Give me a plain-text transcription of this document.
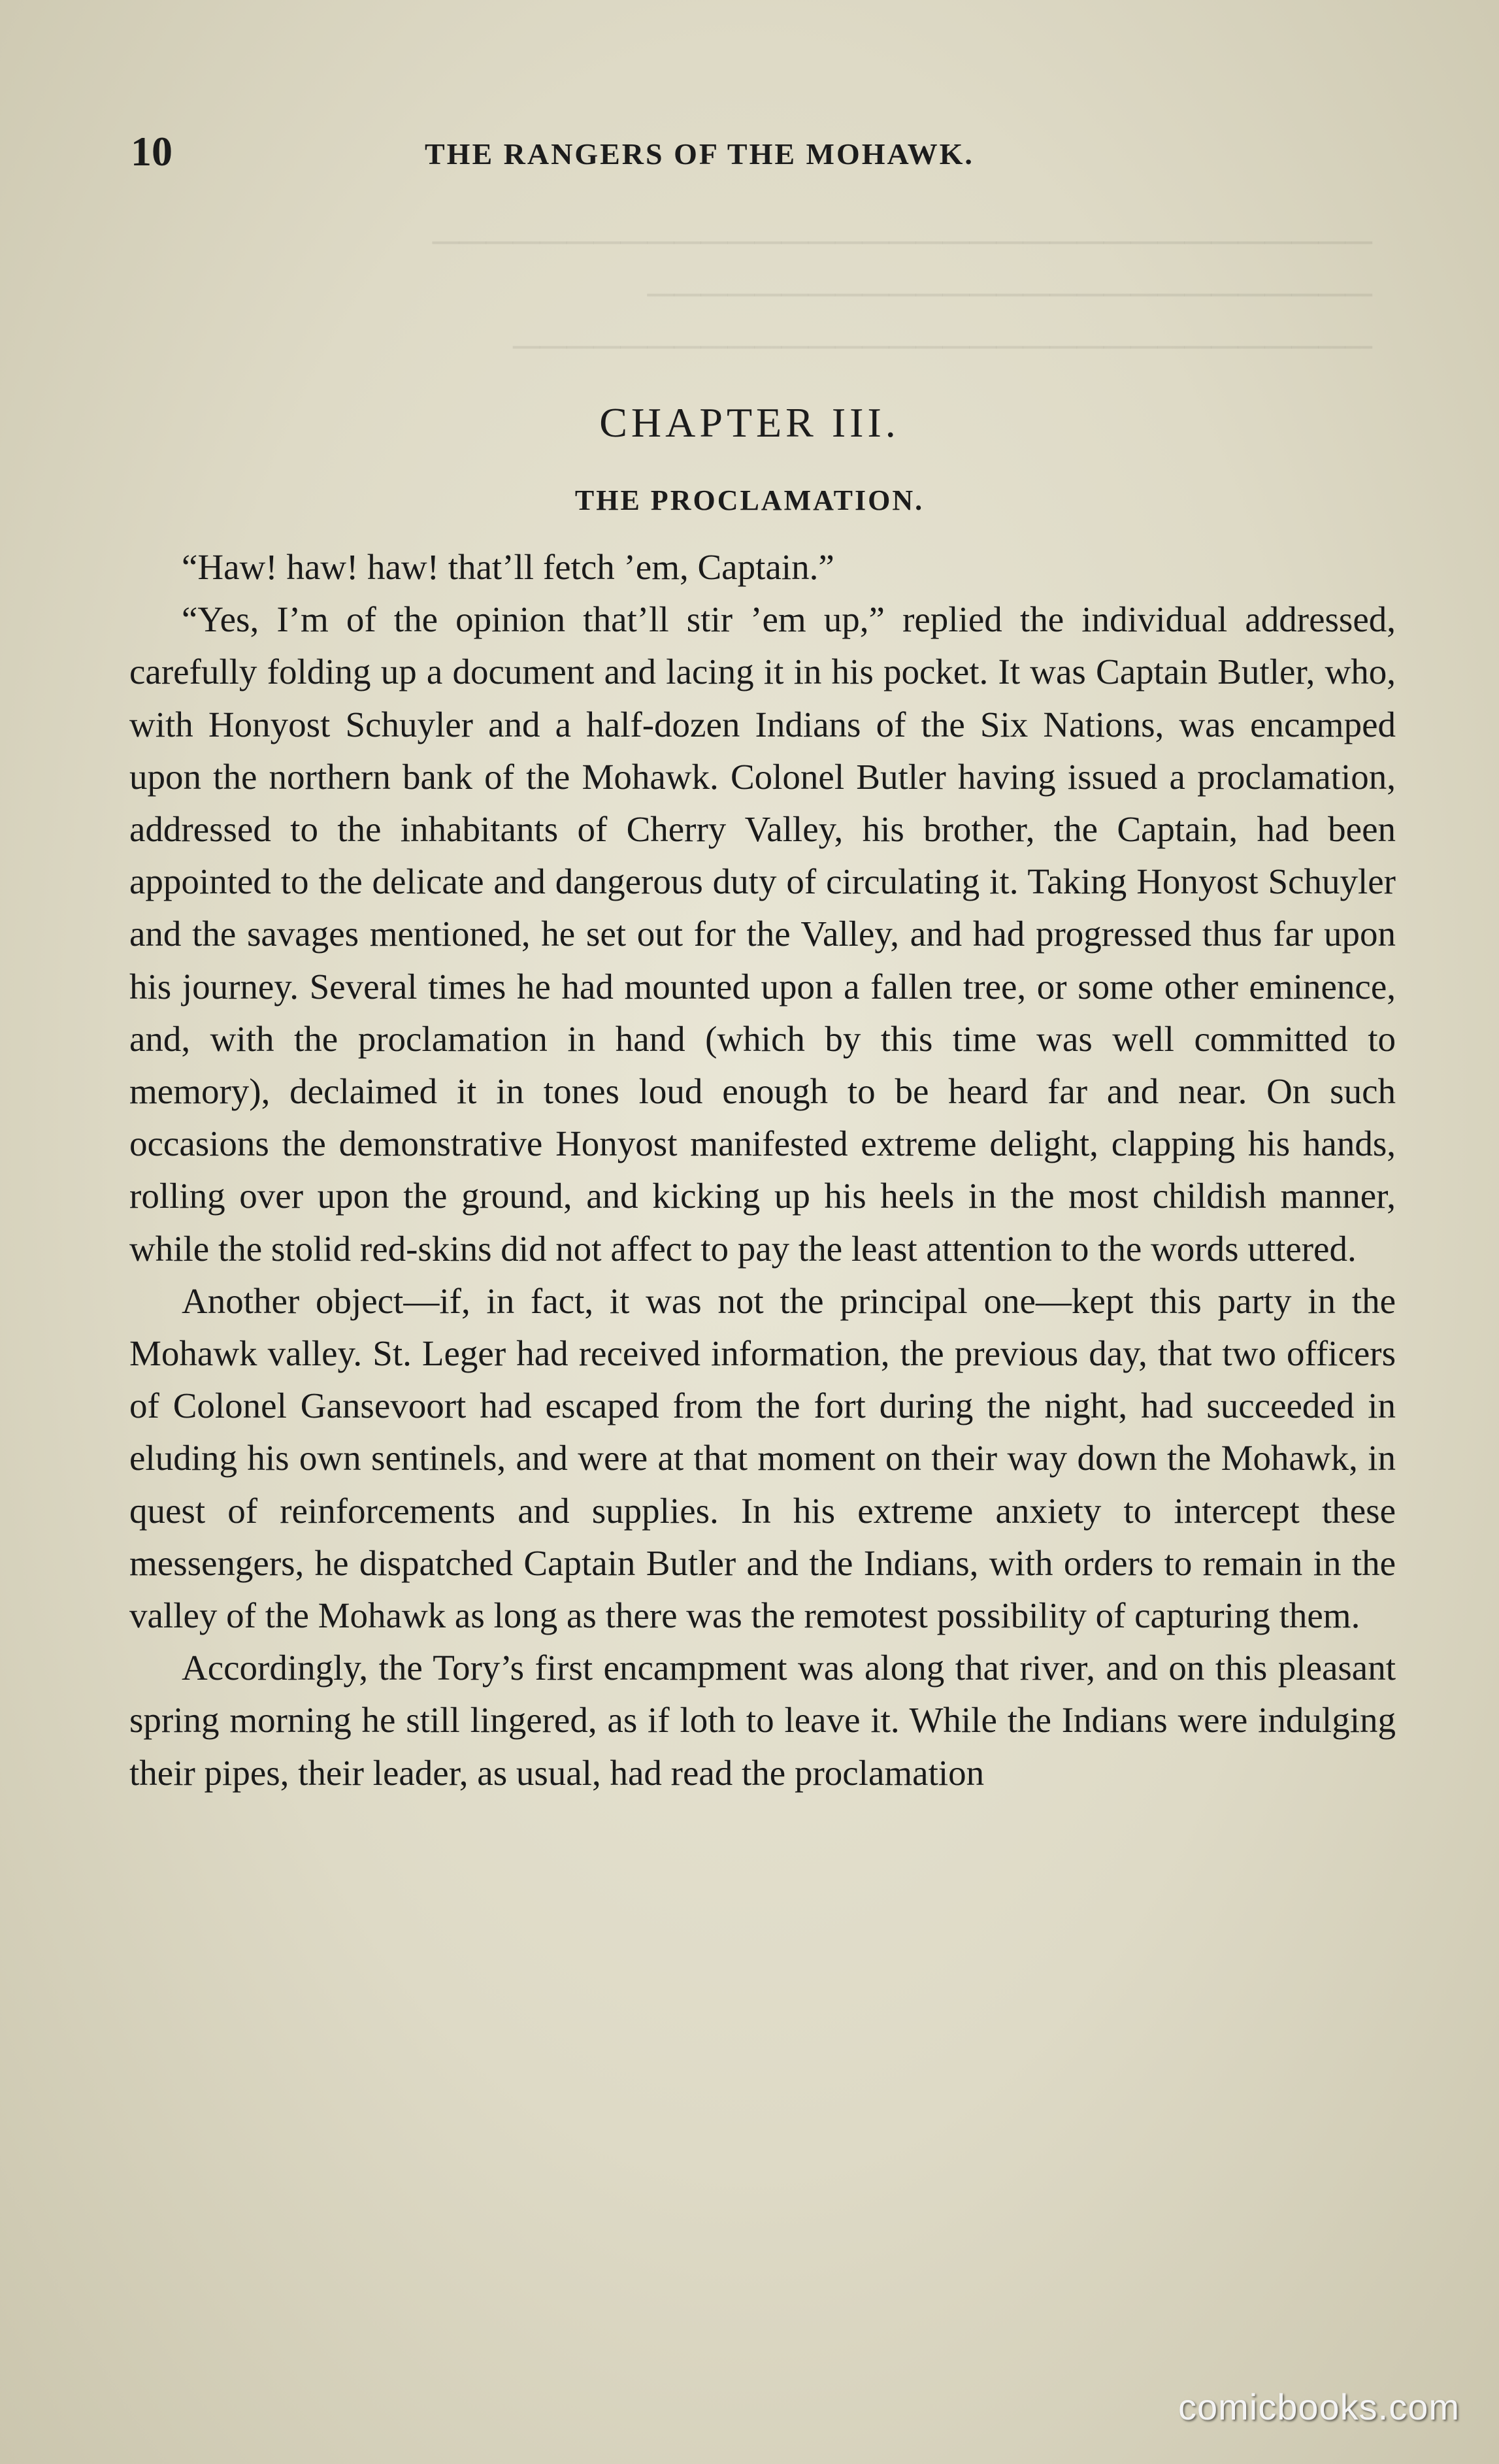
───────────────────────────────────
───────────────────────────
────────────────────────────────
10	THE RANGERS OF THE MOHAWK.
CHAPTER III.
THE PROCLAMATION.

“Haw! haw! haw! that’ll fetch ’em, Captain.”

“Yes, I’m of the opinion that’ll stir ’em up,” replied the individual addressed, carefully folding up a document and lacing it in his pocket. It was Captain Butler, who, with Honyost Schuyler and a half-dozen Indians of the Six Nations, was encamped upon the northern bank of the Mohawk. Colonel Butler having issued a proclamation, addressed to the inhabitants of Cherry Valley, his brother, the Captain, had been appointed to the delicate and dangerous duty of circulating it. Taking Honyost Schuyler and the savages mentioned, he set out for the Valley, and had progressed thus far upon his journey. Several times he had mounted upon a fallen tree, or some other eminence, and, with the proclamation in hand (which by this time was well committed to memory), declaimed it in tones loud enough to be heard far and near. On such occasions the demonstrative Honyost manifested extreme delight, clapping his hands, rolling over upon the ground, and kicking up his heels in the most childish manner, while the stolid red-skins did not affect to pay the least attention to the words uttered.

Another object—if, in fact, it was not the principal one—kept this party in the Mohawk valley. St. Leger had received information, the previous day, that two officers of Colonel Gansevoort had escaped from the fort during the night, had succeeded in eluding his own sentinels, and were at that moment on their way down the Mohawk, in quest of reinforcements and supplies. In his extreme anxiety to intercept these messengers, he dispatched Captain Butler and the Indians, with orders to remain in the valley of the Mohawk as long as there was the remotest possibility of capturing them.

Accordingly, the Tory’s first encampment was along that river, and on this pleasant spring morning he still lingered, as if loth to leave it. While the Indians were indulging their pipes, their leader, as usual, had read the proclamation

comicbooks.com
